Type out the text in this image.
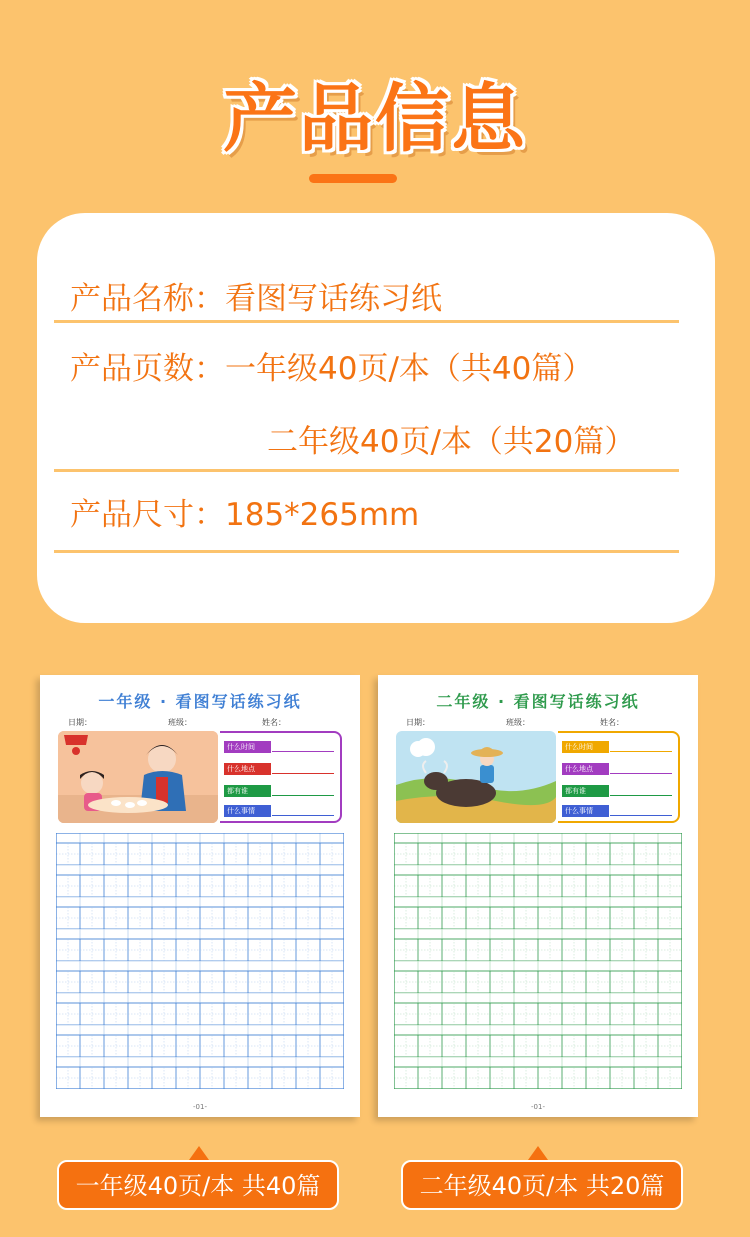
产品信息
产品名称：看图写话练习纸
产品页数：一年级40页/本（共40篇）
二年级40页/本（共20篇）
产品尺寸：185*265mm
一年级 · 看图写话练习纸
日期：	班级：	姓名：
什么时间
什么地点
都有谁
什么事情
-01-
二年级 · 看图写话练习纸
日期：	班级：	姓名：
什么时间
什么地点
都有谁
什么事情
-01-
一年级40页/本 共40篇	二年级40页/本 共20篇
